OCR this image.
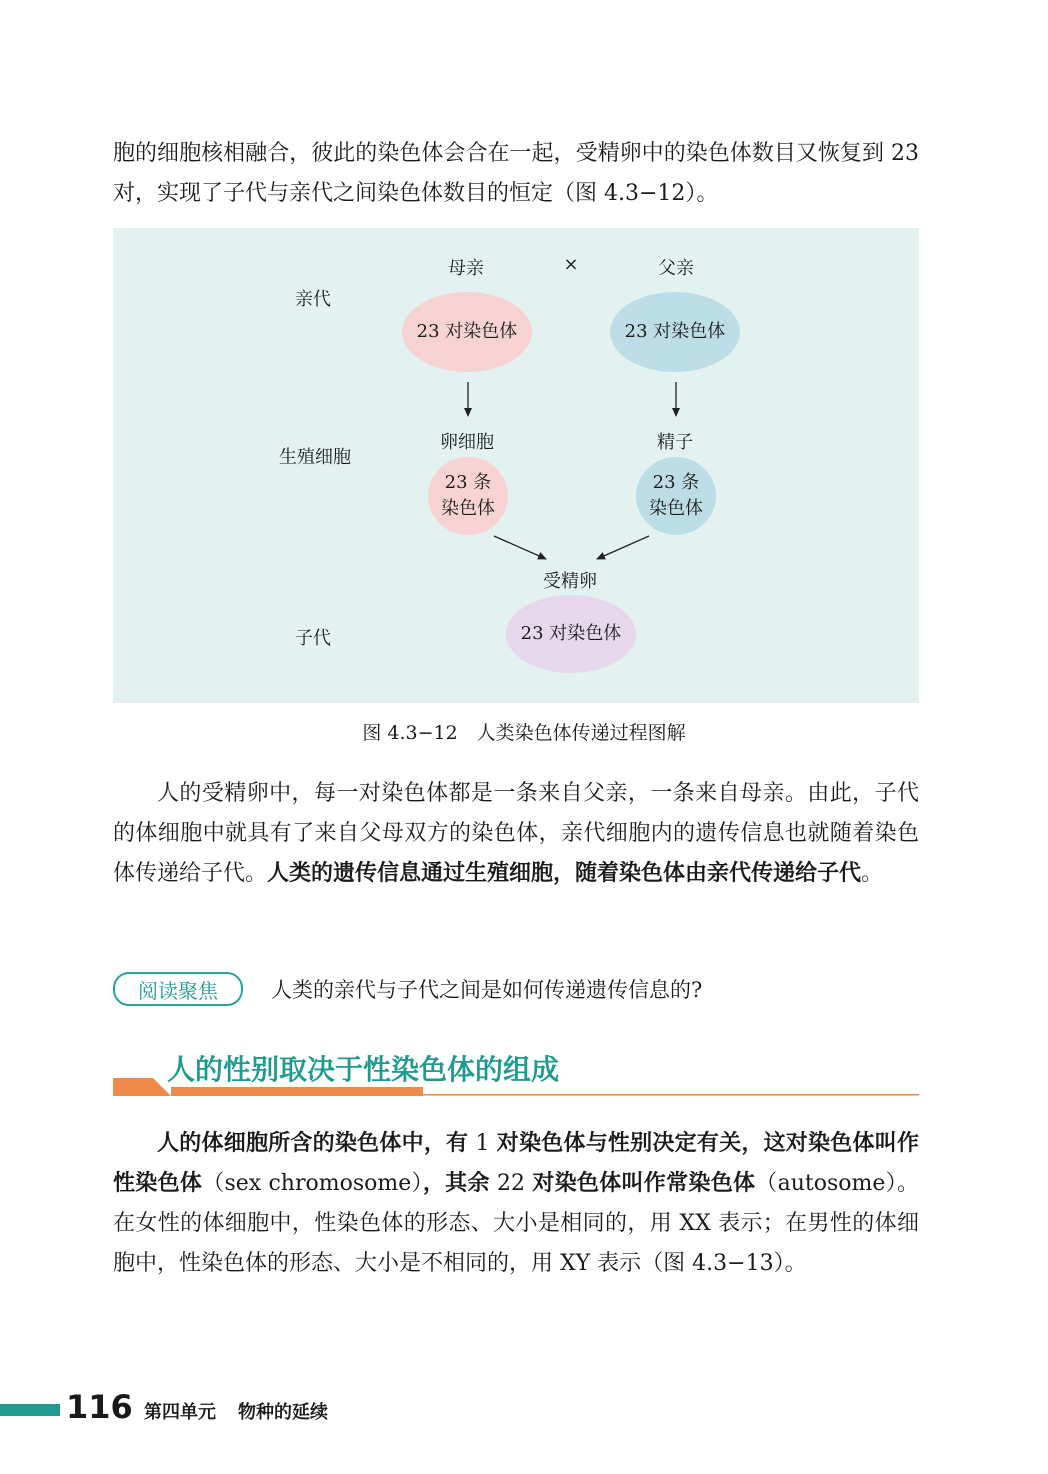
胞的细胞核相融合，彼此的染色体会合在一起，受精卵中的染色体数目又恢复到 23 对，实现了子代与亲代之间染色体数目的恒定（图 4.3−12）。

母亲	×	父亲
亲代
23 对染色体	23 对染色体
生殖细胞
卵细胞	精子
23 条
染色体
23 条
染色体
受精卵
子代	23 对染色体
图 4.3−12　人类染色体传递过程图解

人的受精卵中，每一对染色体都是一条来自父亲，一条来自母亲。由此，子代的体细胞中就具有了来自父母双方的染色体，亲代细胞内的遗传信息也就随着染色体传递给子代。人类的遗传信息通过生殖细胞，随着染色体由亲代传递给子代。

阅读聚焦	人类的亲代与子代之间是如何传递遗传信息的?
人的性别取决于性染色体的组成

人的体细胞所含的染色体中，有 1 对染色体与性别决定有关，这对染色体叫作性染色体（sex chromosome），其余 22 对染色体叫作常染色体（autosome）。在女性的体细胞中，性染色体的形态、大小是相同的，用 XX 表示；在男性的体细胞中，性染色体的形态、大小是不相同的，用 XY 表示（图 4.3−13）。

116 第四单元 物种的延续
